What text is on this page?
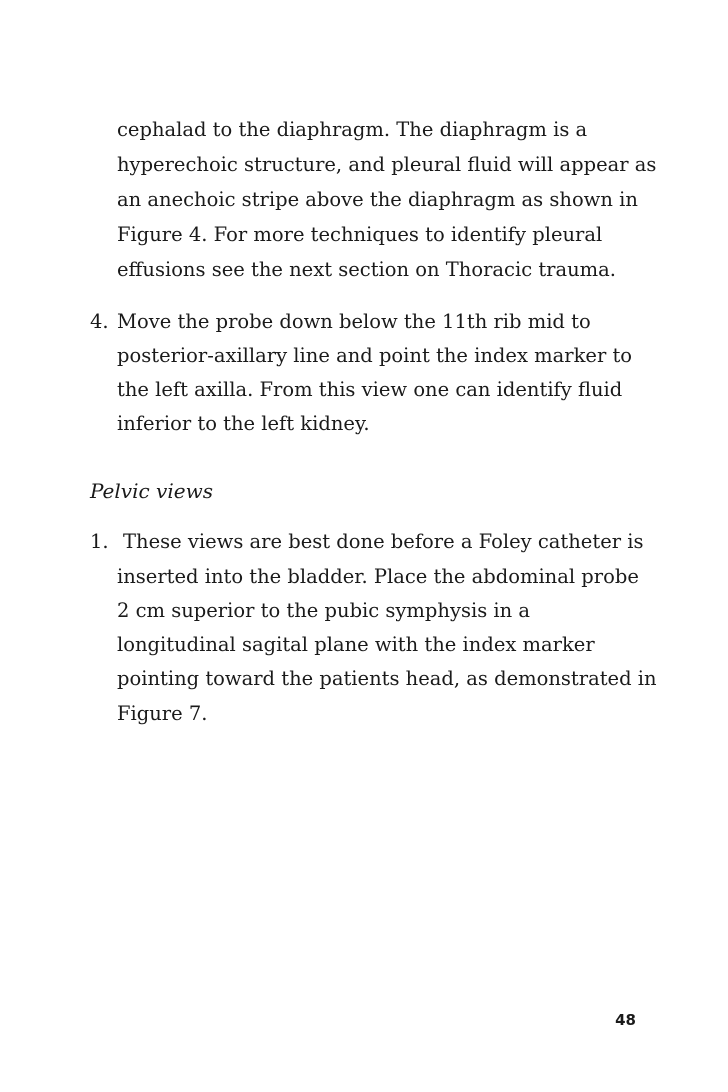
cephalad to the diaphragm. The diaphragm is a
hyperechoic structure, and pleural fluid will appear as
an anechoic stripe above the diaphragm as shown in
Figure 4. For more techniques to identify pleural
effusions see the next section on Thoracic trauma.
4. Move the probe down below the 11th rib mid to
posterior-axillary line and point the index marker to
the left axilla. From this view one can identify fluid
inferior to the left kidney.
Pelvic views
1. These views are best done before a Foley catheter is
inserted into the bladder. Place the abdominal probe
2 cm superior to the pubic symphysis in a
longitudinal sagital plane with the index marker
pointing toward the patients head, as demonstrated in
Figure 7.
48
